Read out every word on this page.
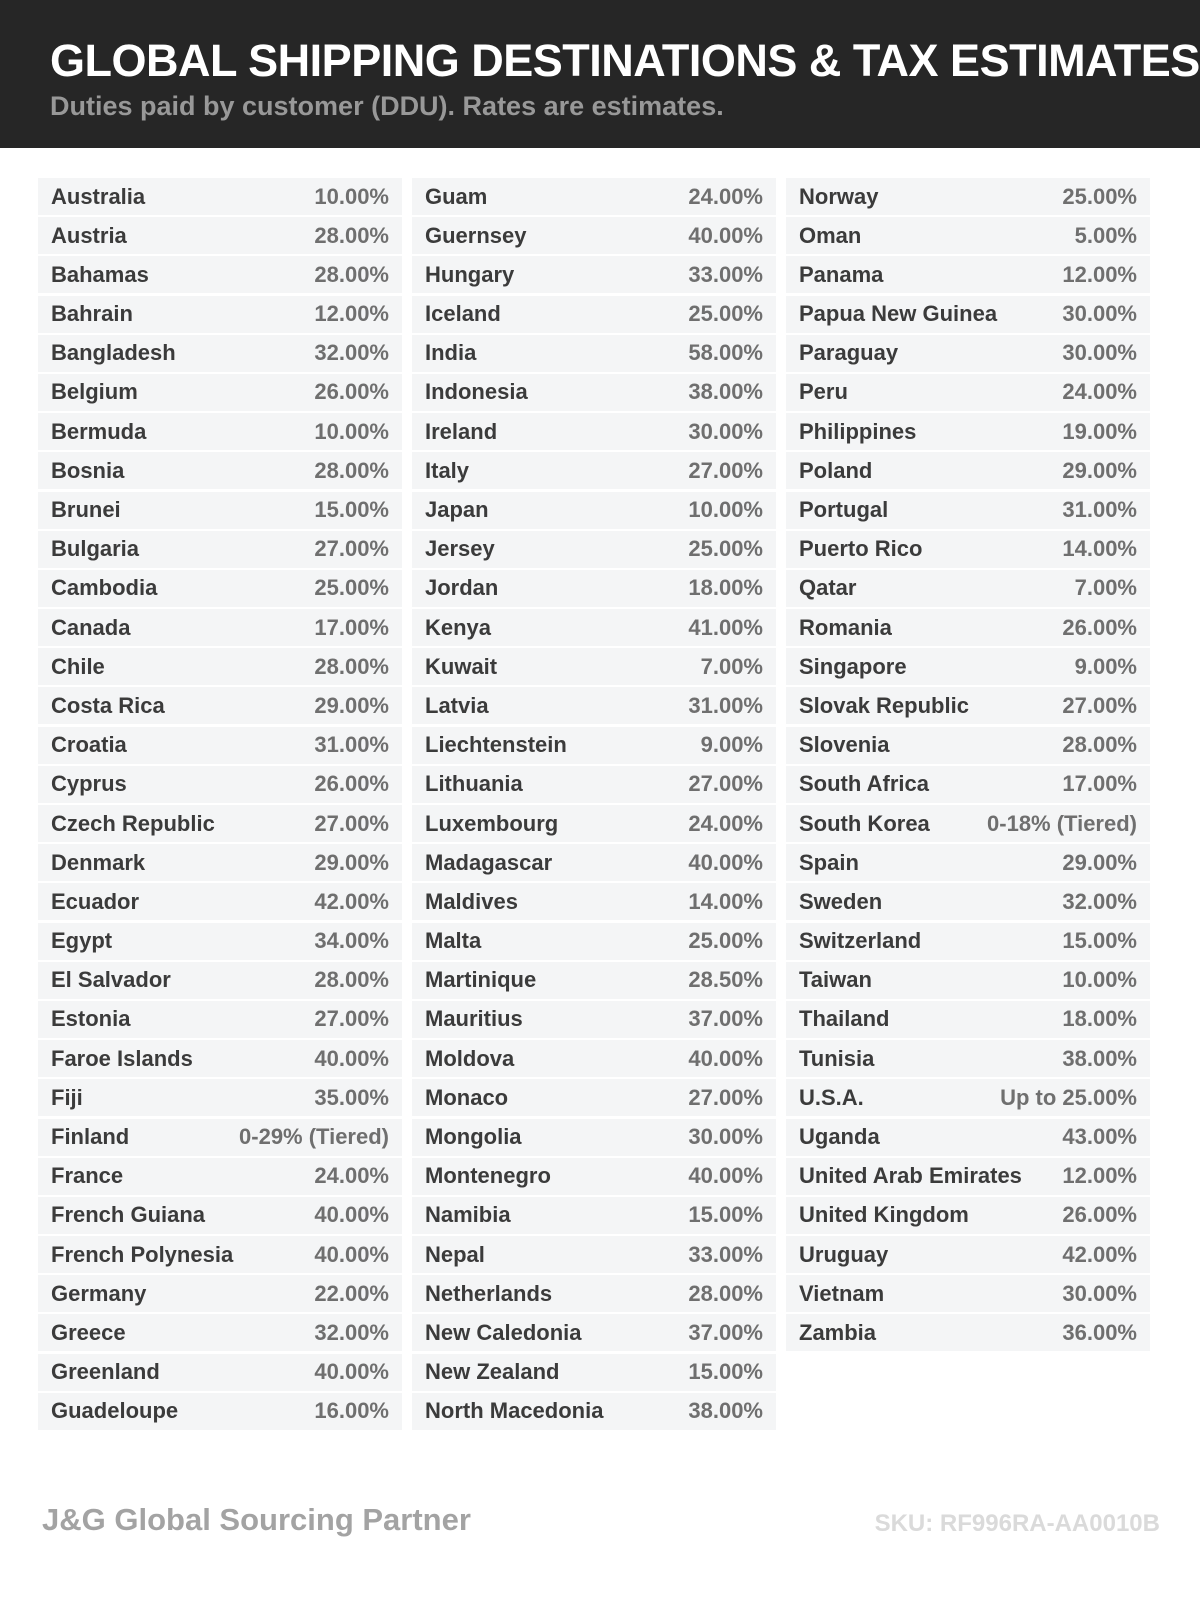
GLOBAL SHIPPING DESTINATIONS & TAX ESTIMATES

Duties paid by customer (DDU). Rates are estimates.

Australia	10.00%
Austria	28.00%
Bahamas	28.00%
Bahrain	12.00%
Bangladesh	32.00%
Belgium	26.00%
Bermuda	10.00%
Bosnia	28.00%
Brunei	15.00%
Bulgaria	27.00%
Cambodia	25.00%
Canada	17.00%
Chile	28.00%
Costa Rica	29.00%
Croatia	31.00%
Cyprus	26.00%
Czech Republic	27.00%
Denmark	29.00%
Ecuador	42.00%
Egypt	34.00%
El Salvador	28.00%
Estonia	27.00%
Faroe Islands	40.00%
Fiji	35.00%
Finland	0-29% (Tiered)
France	24.00%
French Guiana	40.00%
French Polynesia	40.00%
Germany	22.00%
Greece	32.00%
Greenland	40.00%
Guadeloupe	16.00%
Guam	24.00%
Guernsey	40.00%
Hungary	33.00%
Iceland	25.00%
India	58.00%
Indonesia	38.00%
Ireland	30.00%
Italy	27.00%
Japan	10.00%
Jersey	25.00%
Jordan	18.00%
Kenya	41.00%
Kuwait	7.00%
Latvia	31.00%
Liechtenstein	9.00%
Lithuania	27.00%
Luxembourg	24.00%
Madagascar	40.00%
Maldives	14.00%
Malta	25.00%
Martinique	28.50%
Mauritius	37.00%
Moldova	40.00%
Monaco	27.00%
Mongolia	30.00%
Montenegro	40.00%
Namibia	15.00%
Nepal	33.00%
Netherlands	28.00%
New Caledonia	37.00%
New Zealand	15.00%
North Macedonia	38.00%
Norway	25.00%
Oman	5.00%
Panama	12.00%
Papua New Guinea	30.00%
Paraguay	30.00%
Peru	24.00%
Philippines	19.00%
Poland	29.00%
Portugal	31.00%
Puerto Rico	14.00%
Qatar	7.00%
Romania	26.00%
Singapore	9.00%
Slovak Republic	27.00%
Slovenia	28.00%
South Africa	17.00%
South Korea	0-18% (Tiered)
Spain	29.00%
Sweden	32.00%
Switzerland	15.00%
Taiwan	10.00%
Thailand	18.00%
Tunisia	38.00%
U.S.A.	Up to 25.00%
Uganda	43.00%
United Arab Emirates 12.00%
United Kingdom	26.00%
Uruguay	42.00%
Vietnam	30.00%
Zambia	36.00%
J&G Global Sourcing Partner	SKU: RF996RA-AA0010B
